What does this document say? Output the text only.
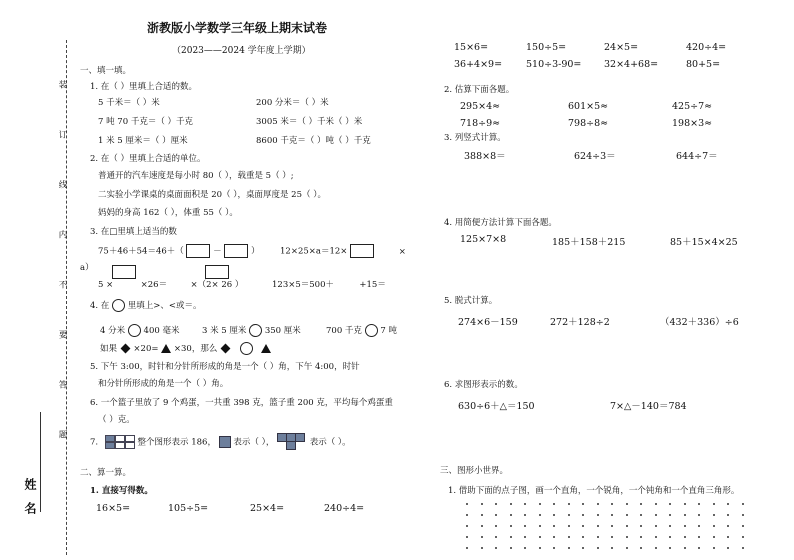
装
订
线
内
不
要
答
题
姓 名
浙教版小学数学三年级上期末试卷
（2023——2024 学年度上学期）
一、填一填。
1. 在（ ）里填上合适的数。
5 千米＝（ ）米	200 分米＝（ ）米
7 吨 70 千克＝（ ）千克	3005 米＝（ ）千米（ ）米
1 米 5 厘米＝（ ）厘米	8600 千克＝（ ）吨（ ）千克
2. 在（ ）里填上合适的单位。
普通开的汽车速度是每小时 80（ ），载重是 5（ ）;
二实验小学课桌的桌面面积是 20（ ），桌面厚度是 25（ ）。
妈妈的身高 162（ ），体重 55（ ）。
3. 在□里填上适当的数
75＋46＋54＝46＋（	－	） 12×25×a＝12×	×
a）
5 ×	×26＝	×（2× 26 ）	123×5＝500＋	+15＝
4. 在 里填上>、<或＝。
4 分米 400 毫米	3 米 5 厘米 350 厘米	700 千克 7 吨
如果 ×20= ×30，那么
5. 下午 3:00，时针和分针所形成的角是一个（ ）角，下午 4:00，时针
和分针所形成的角是一个（ ）角。
6. 一个篮子里放了 9 个鸡蛋，一共重 398 克，篮子重 200 克，平均每个鸡蛋重
（ ）克。
7.	整个图形表示 186， 表示（ ），	表示（ ）。
二、算一算。
1. 直接写得数。
16×5=	105÷5=	25×4=	240÷4=
15×6=	150÷5=	24×5=	420÷4=
36+4×9=	510÷3-90= 32×4+68=	80+5=
2. 估算下面各题。
295×4≈	601×5≈	425÷7≈
718÷9≈	798÷8≈	198×3≈
3. 列竖式计算。
388×8＝	624÷3＝	644÷7＝
4. 用简便方法计算下面各题。
125×7×8	185＋158＋215	85＋15×4×25
5. 脱式计算。
274×6－159	272＋128÷2	（432＋336）÷6
6. 求图形表示的数。
630÷6＋△＝150	7×△－140＝784
三、图形小世界。
1. 借助下面的点子图，画一个直角，一个锐角，一个钝角和一个直角三角形。
